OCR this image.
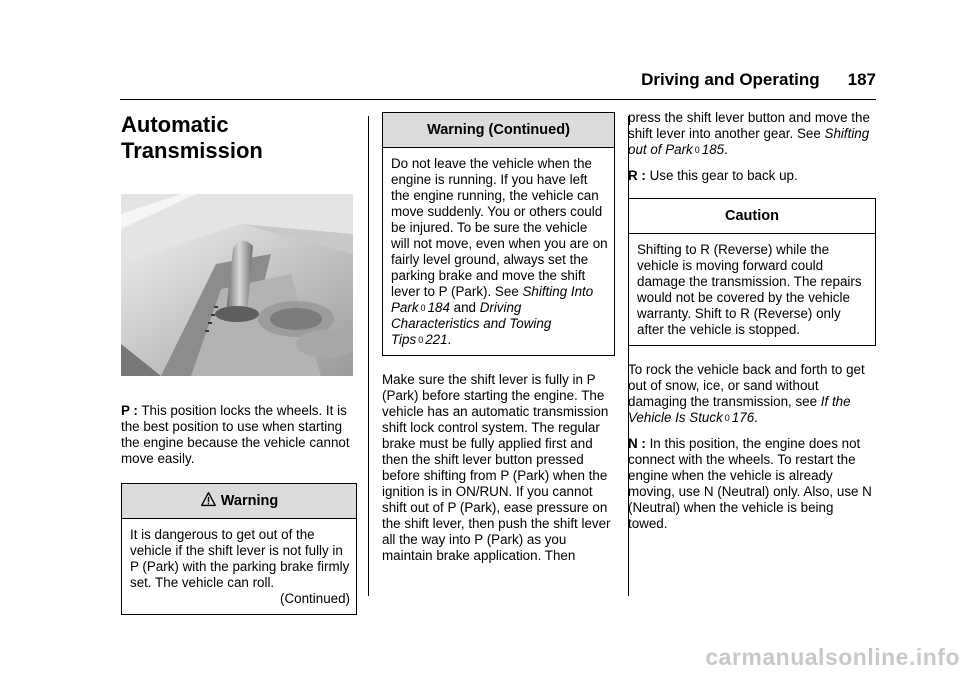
Driving and Operating 187
Automatic
Transmission

P : This position locks the wheels. It is the best position to use when starting the engine because the vehicle cannot move easily.

Warning
It is dangerous to get out of the vehicle if the shift lever is not fully in P (Park) with the parking brake firmly set. The vehicle can roll.
(Continued)
Warning (Continued)
Do not leave the vehicle when the engine is running. If you have left the engine running, the vehicle can move suddenly. You or others could be injured. To be sure the vehicle will not move, even when you are on fairly level ground, always set the parking brake and move the shift lever to P (Park). See Shifting Into Park 0 184 and Driving Characteristics and Towing Tips 0 221.

Make sure the shift lever is fully in P (Park) before starting the engine. The vehicle has an automatic transmission shift lock control system. The regular brake must be fully applied first and then the shift lever button pressed before shifting from P (Park) when the ignition is in ON/RUN. If you cannot shift out of P (Park), ease pressure on the shift lever, then push the shift lever all the way into P (Park) as you maintain brake application. Then

press the shift lever button and move the shift lever into another gear. See Shifting out of Park 0 185.

R : Use this gear to back up.

Caution
Shifting to R (Reverse) while the vehicle is moving forward could damage the transmission. The repairs would not be covered by the vehicle warranty. Shift to R (Reverse) only after the vehicle is stopped.

To rock the vehicle back and forth to get out of snow, ice, or sand without damaging the transmission, see If the Vehicle Is Stuck 0 176.

N : In this position, the engine does not connect with the wheels. To restart the engine when the vehicle is already moving, use N (Neutral) only. Also, use N (Neutral) when the vehicle is being towed.

carmanualsonline.info
